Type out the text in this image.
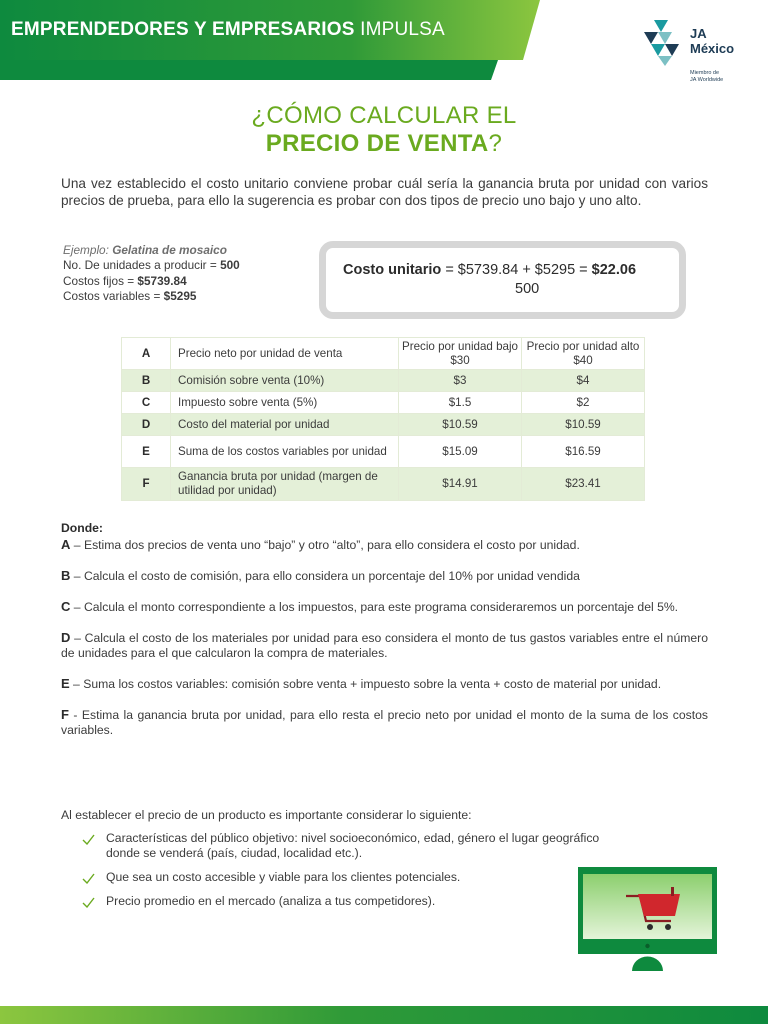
EMPRENDEDORES Y EMPRESARIOS IMPULSA	JA
México
Miembro de
JA Worldwide
¿CÓMO CALCULAR EL
PRECIO DE VENTA?

Una vez establecido el costo unitario conviene probar cuál sería la ganancia bruta por unidad con varios precios de prueba, para ello la sugerencia es probar con dos tipos de precio uno bajo y uno alto.

Ejemplo: Gelatina de mosaico
No. De unidades a producir = 500
Costos fijos = $5739.84
Costos variables = $5295
Costo unitario = $5739.84 + $5295 = $22.06
500
A	Precio neto por unidad de venta	Precio por unidad bajo $30	Precio por unidad alto $40
B	Comisión sobre venta (10%)	$3	$4
C	Impuesto sobre venta (5%)	$1.5	$2
D	Costo del material por unidad	$10.59	$10.59
E	Suma de los costos variables por unidad	$15.09	$16.59
F	Ganancia bruta por unidad (margen de utilidad por unidad)	$14.91	$23.41
Donde:

A – Estima dos precios de venta uno “bajo” y otro “alto”, para ello considera el costo por unidad.

B – Calcula el costo de comisión, para ello considera un porcentaje del 10% por unidad vendida

C – Calcula el monto correspondiente a los impuestos, para este programa consideraremos un porcentaje del 5%.

D – Calcula el costo de los materiales por unidad para eso considera el monto de tus gastos variables entre el número de unidades para el que calcularon la compra de materiales.

E – Suma los costos variables: comisión sobre venta + impuesto sobre la venta + costo de material por unidad.

F - Estima la ganancia bruta por unidad, para ello resta el precio neto por unidad el monto de la suma de los costos variables.

Al establecer el precio de un producto es importante considerar lo siguiente:

Características del público objetivo: nivel socioeconómico, edad, género el lugar geográfico donde se venderá (país, ciudad, localidad etc.).
Que sea un costo accesible y viable para los clientes potenciales.
Precio promedio en el mercado (analiza a tus competidores).
